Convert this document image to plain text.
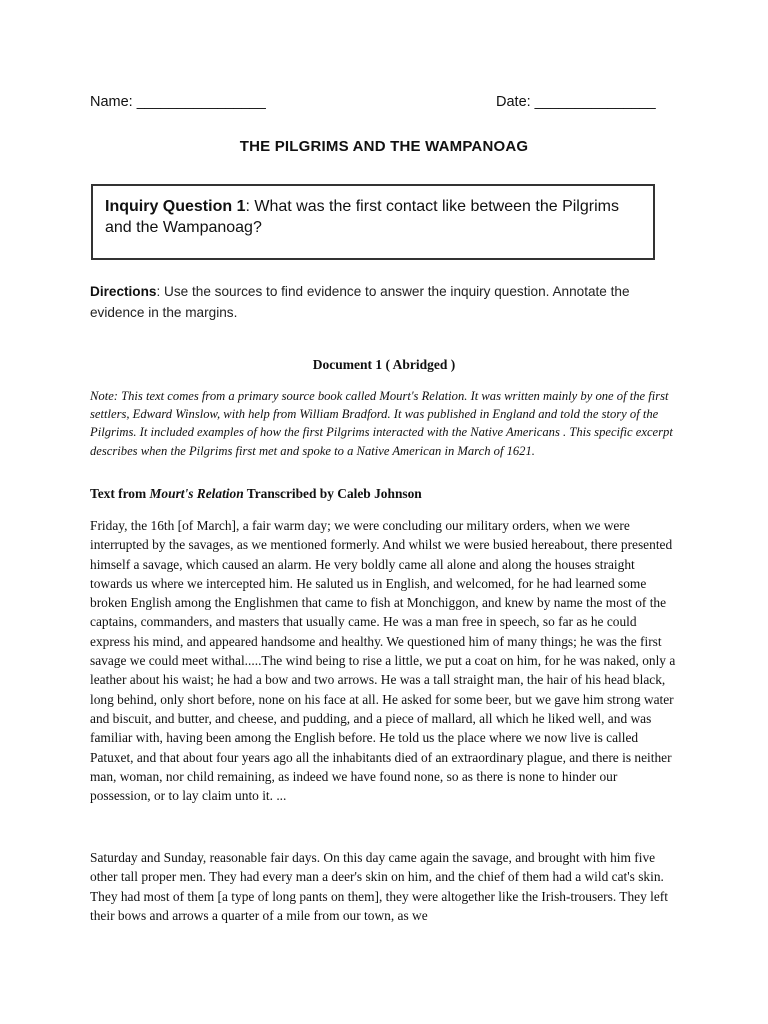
Name: ________________	Date: _______________
THE PILGRIMS AND THE WAMPANOAG
Inquiry Question 1: What was the first contact like between the Pilgrims and the Wampanoag?
Directions: Use the sources to find evidence to answer the inquiry question. Annotate the evidence in the margins.
Document 1 ( Abridged )

Note: This text comes from a primary source book called Mourt's Relation. It was written mainly by one of the first settlers, Edward Winslow, with help from William Bradford. It was published in England and told the story of the Pilgrims. It included examples of how the first Pilgrims interacted with the Native Americans . This specific excerpt describes when the Pilgrims first met and spoke to a Native American in March of 1621.

Text from Mourt's Relation Transcribed by Caleb Johnson

Friday, the 16th [of March], a fair warm day; we were concluding our military orders, when we were interrupted by the savages, as we mentioned formerly. And whilst we were busied hereabout, there presented himself a savage, which caused an alarm. He very boldly came all alone and along the houses straight towards us where we intercepted him. He saluted us in English, and welcomed, for he had learned some broken English among the Englishmen that came to fish at Monchiggon, and knew by name the most of the captains, commanders, and masters that usually came. He was a man free in speech, so far as he could express his mind, and appeared handsome and healthy. We questioned him of many things; he was the first savage we could meet withal.....The wind being to rise a little, we put a coat on him, for he was naked, only a leather about his waist; he had a bow and two arrows. He was a tall straight man, the hair of his head black, long behind, only short before, none on his face at all. He asked for some beer, but we gave him strong water and biscuit, and butter, and cheese, and pudding, and a piece of mallard, all which he liked well, and was familiar with, having been among the English before. He told us the place where we now live is called Patuxet, and that about four years ago all the inhabitants died of an extraordinary plague, and there is neither man, woman, nor child remaining, as indeed we have found none, so as there is none to hinder our possession, or to lay claim unto it. ...

Saturday and Sunday, reasonable fair days. On this day came again the savage, and brought with him five other tall proper men. They had every man a deer's skin on him, and the chief of them had a wild cat's skin. They had most of them [a type of long pants on them], they were altogether like the Irish-trousers. They left their bows and arrows a quarter of a mile from our town, as we
